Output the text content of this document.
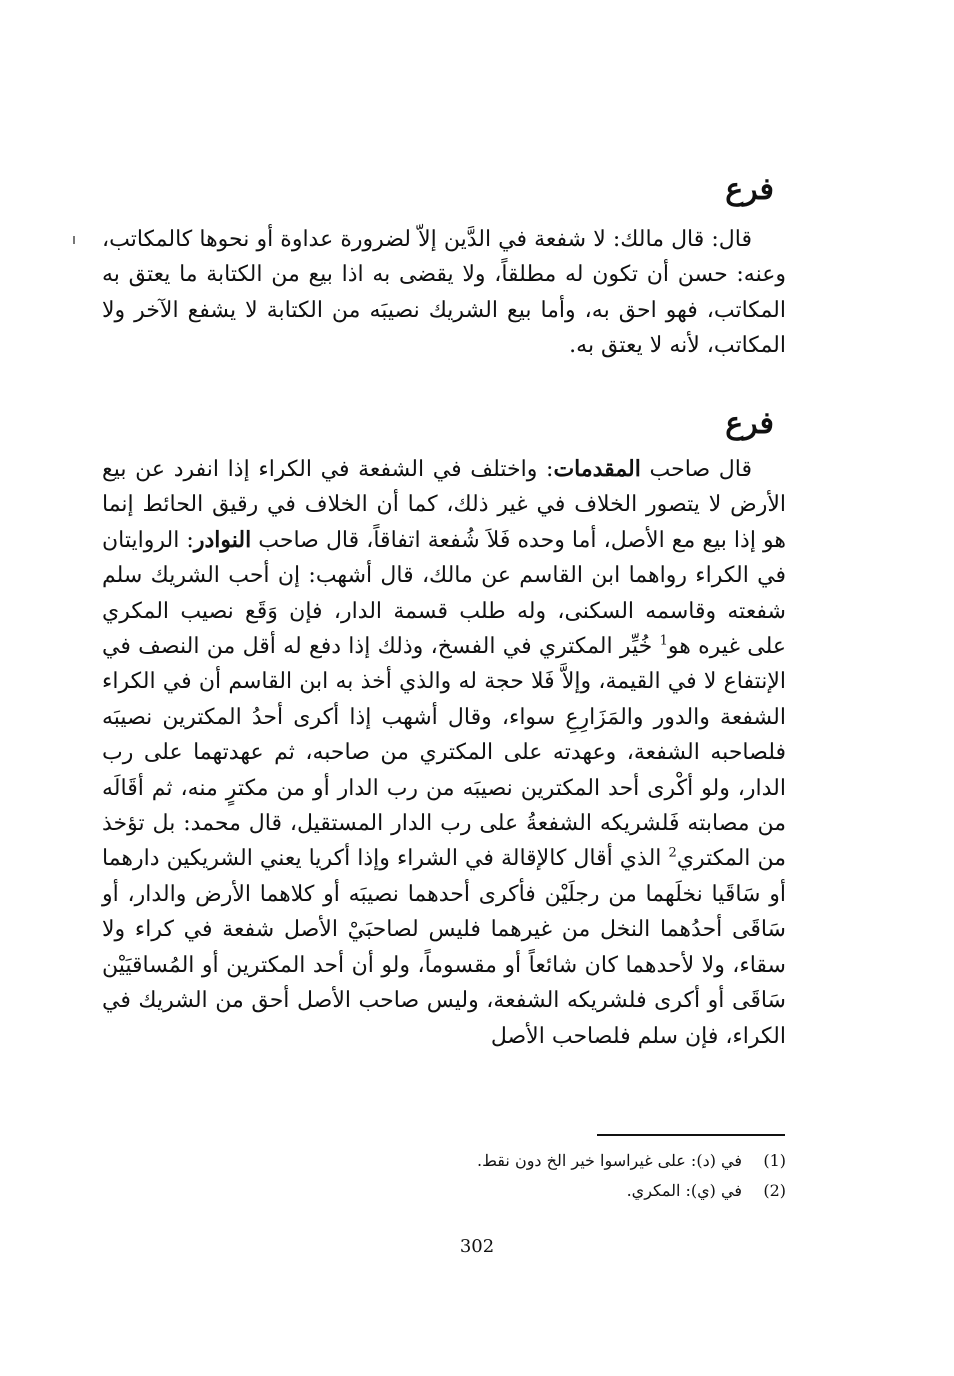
فرع

قال: قال مالك: لا شفعة في الدَّين إلاّ لضرورة عداوة أو نحوها كالمكاتب، وعنه: حسن أن تكون له مطلقاً، ولا يقضى به اذا بيع من الكتابة ما يعتق به المكاتب، فهو احق به، وأما بيع الشريك نصيبَه من الكتابة لا يشفع الآخر ولا المكاتب، لأنه لا يعتق به.

فرع

قال صاحب المقدمات: واختلف في الشفعة في الكراء إذا انفرد عن بيع الأرض لا يتصور الخلاف في غير ذلك، كما أن الخلاف في رقيق الحائط إنما هو إذا بيع مع الأصل، أما وحده فَلاَ شُفعة اتفاقاً، قال صاحب النوادر: الروايتان في الكراء رواهما ابن القاسم عن مالك، قال أشهب: إن أحب الشريك سلم شفعته وقاسمه السكنى، وله طلب قسمة الدار، فإن وَقَع نصيب المكري على غيره هو$^1$ خُيِّر المكتري في الفسخ، وذلك إذا دفع له أقل من النصف في الإنتفاع لا في القيمة، وإلاَّ فَلا حجة له والذي أخذ به ابن القاسم أن في الكراء الشفعة والدور والمَزَارِعِ سواء، وقال أشهب إذا أكرى أحدُ المكترين نصيبَه فلصاحبه الشفعة، وعهدته على المكتري من صاحبه، ثم عهدتهما على رب الدار، ولو أكْرى أحد المكترين نصيبَه من رب الدار أو من مكترٍ منه، ثم أقَالَه من مصابته فَلشريكه الشفعةُ على رب الدار المستقيل، قال محمد: بل تؤخذ من المكتري$^2$ الذي أقال كالإقالة في الشراء وإذا أكريا يعني الشريكين دارهما أو سَاقَيا نخلَهما من رجلَيْن فأكرى أحدهما نصيبَه أو كلاهما الأرض والدار، أو سَاقَى أحدُهما النخل من غيرهما فليس لصاحبَيْ الأصل شفعة في كراء ولا سقاء، ولا لأحدهما كان شائعاً أو مقسوماً، ولو أن أحد المكترين أو المُساقيَيْن سَاقَى أو أكرى فلشريكه الشفعة، وليس صاحب الأصل أحق من الشريك في الكراء، فإن سلم فلصاحب الأصل

(1)
في (د): على غيراسوا خير الخ دون نقط.
(2)
في (ي): المكري.
302
